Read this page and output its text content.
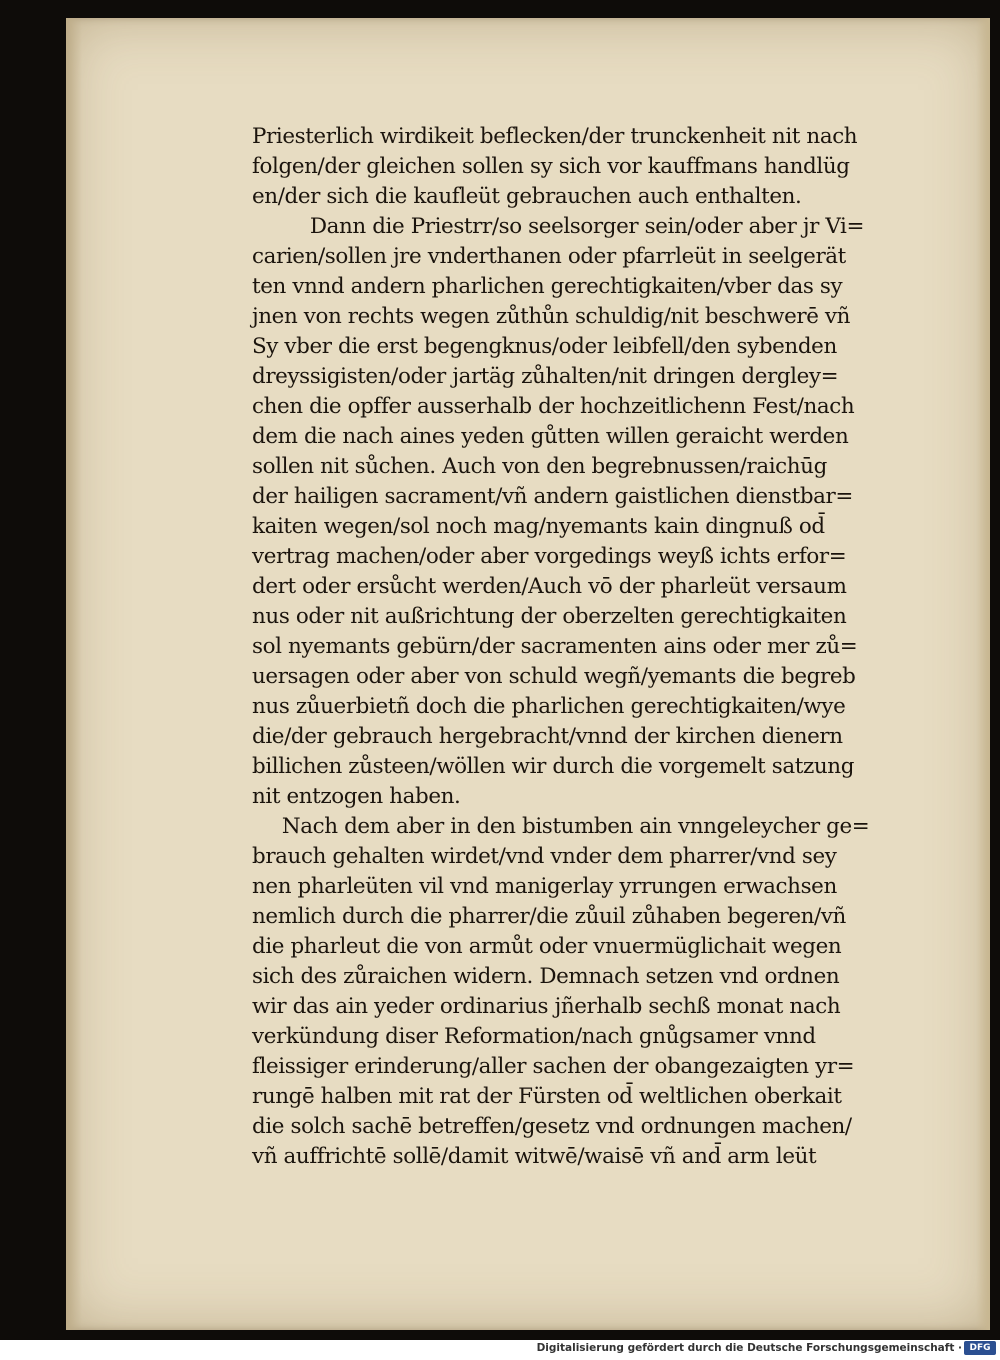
Priesterlich wirdikeit beflecken/der trunckenheit nit nach
folgen/der gleichen sollen sy sich vor kauffmans handlüg
en/der sich die kaufleüt gebrauchen auch enthalten.
Dann die Priestrr/so seelsorger sein/oder aber jr Vi=
carien/sollen jre vnderthanen oder pfarrleüt in seelgerät
ten vnnd andern pharlichen gerechtigkaiten/vber das sy
jnen von rechts wegen zůthůn schuldig/nit beschwerē vñ
Sy vber die erst begengknus/oder leibfell/den sybenden
dreyssigisten/oder jartäg zůhalten/nit dringen dergley=
chen die opffer ausserhalb der hochzeitlichenn Fest/nach
dem die nach aines yeden gůtten willen geraicht werden
sollen nit sůchen. Auch von den begrebnussen/raichūg
der hailigen sacrament/vñ andern gaistlichen dienstbar=
kaiten wegen/sol noch mag/nyemants kain dingnuß od̄
vertrag machen/oder aber vorgedings weyß ichts erfor=
dert oder ersůcht werden/Auch vō der pharleüt versaum
nus oder nit außrichtung der oberzelten gerechtigkaiten
sol nyemants gebürn/der sacramenten ains oder mer zů=
uersagen oder aber von schuld wegñ/yemants die begreb
nus zůuerbietñ doch die pharlichen gerechtigkaiten/wye
die/der gebrauch hergebracht/vnnd der kirchen dienern
billichen zůsteen/wöllen wir durch die vorgemelt satzung
nit entzogen haben.
Nach dem aber in den bistumben ain vnngeleycher ge=
brauch gehalten wirdet/vnd vnder dem pharrer/vnd sey
nen pharleüten vil vnd manigerlay yrrungen erwachsen
nemlich durch die pharrer/die zůuil zůhaben begeren/vñ
die pharleut die von armůt oder vnuermüglichait wegen
sich des zůraichen widern. Demnach setzen vnd ordnen
wir das ain yeder ordinarius jñerhalb sechß monat nach
verkündung diser Reformation/nach gnůgsamer vnnd
fleissiger erinderung/aller sachen der obangezaigten yr=
rungē halben mit rat der Fürsten od̄ weltlichen oberkait
die solch sachē betreffen/gesetz vnd ordnungen machen/
vñ auffrichtē sollē/damit witwē/waisē vñ and̄ arm leüt
Digitalisierung gefördert durch die Deutsche Forschungsgemeinschaft · DFG
